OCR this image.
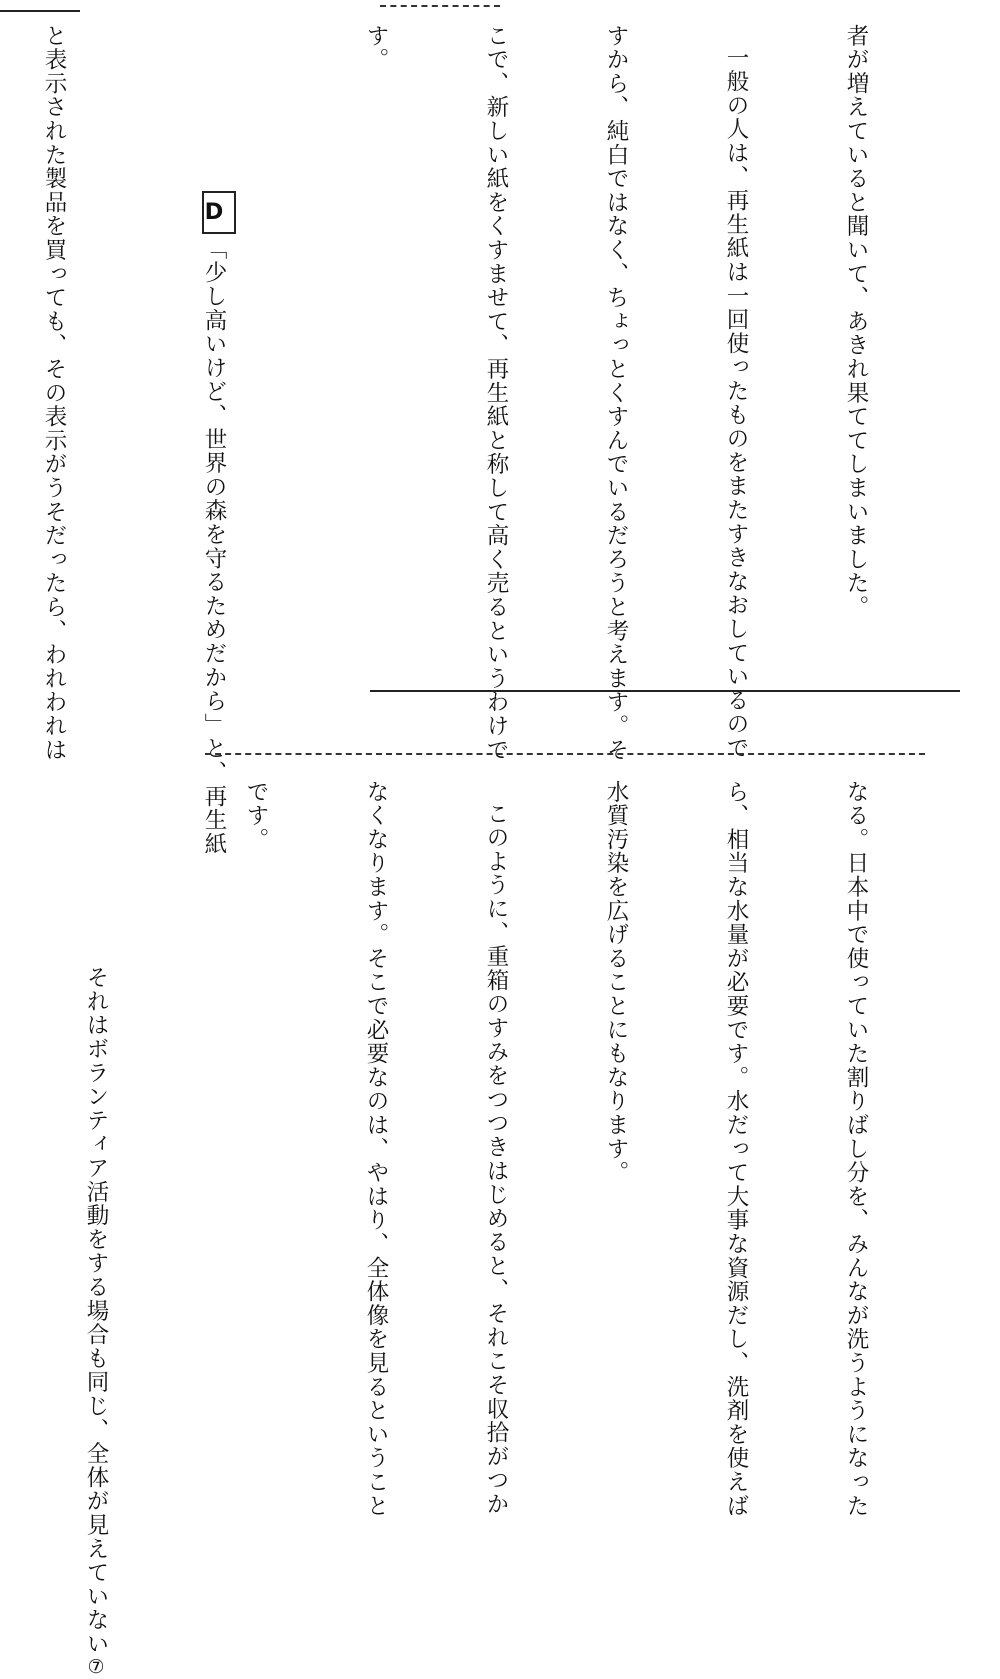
者が増えていると聞いて、あきれ果ててしまいました。

一般の人は、再生紙は一回使ったものをまたすきなおしているので

すから、純白ではなく、ちょっとくすんでいるだろうと考えます。そ

こで、新しい紙をくすませて、再生紙と称して高く売るというわけで

す。

D「少し高いけど、世界の森を守るためだから」と、再生紙

と表示された製品を買っても、その表示がうそだったら、われわれは

なる。日本中で使っていた割りばし分を、みんなが洗うようになった

ら、相当な水量が必要です。水だって大事な資源だし、洗剤を使えば

水質汚染を広げることにもなります。

このように、重箱のすみをつつきはじめると、それこそ収拾がつか

なくなります。そこで必要なのは、やはり、全体像を見るということ

です。

それはボランティア活動をする場合も同じ、全体が見えていない⑦
